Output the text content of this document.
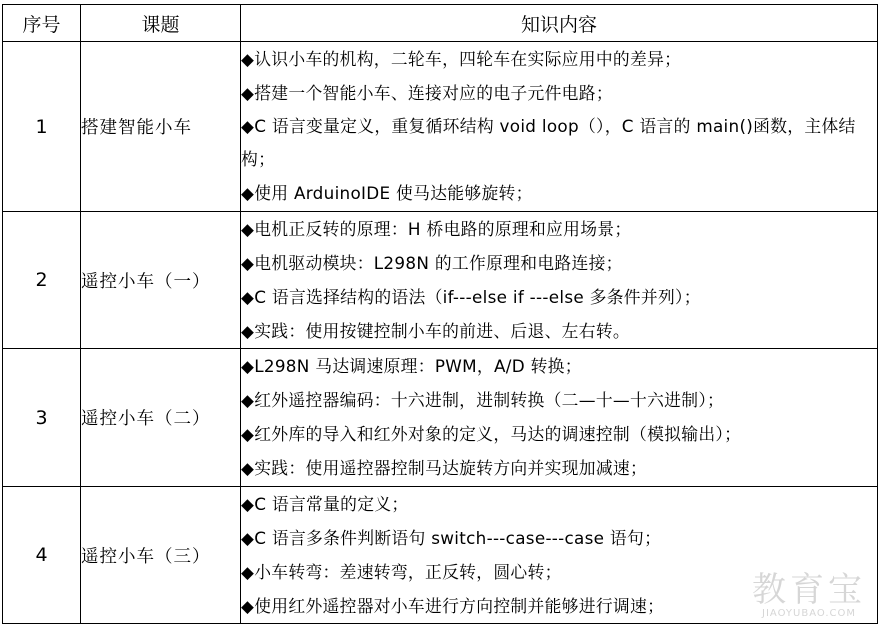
序号	课题	知识内容
1	搭建智能小车	◆认识小车的机构，二轮车，四轮车在实际应用中的差异；
◆搭建一个智能小车、连接对应的电子元件电路；
◆C 语言变量定义，重复循环结构 void loop（），C 语言的 main()函数，主体结构；
◆使用 ArduinoIDE 使马达能够旋转；

2	遥控小车（一）	◆电机正反转的原理：H 桥电路的原理和应用场景；
◆电机驱动模块：L298N 的工作原理和电路连接；
◆C 语言选择结构的语法（if---else if ---else 多条件并列）；
◆实践：使用按键控制小车的前进、后退、左右转。

3	遥控小车（二）	◆L298N 马达调速原理：PWM，A/D 转换；
◆红外遥控器编码：十六进制，进制转换（二—十—十六进制）；
◆红外库的导入和红外对象的定义，马达的调速控制（模拟输出）；
◆实践：使用遥控器控制马达旋转方向并实现加减速；

4	遥控小车（三）	◆C 语言常量的定义；
◆C 语言多条件判断语句 switch---case---case 语句；
◆小车转弯：差速转弯，正反转，圆心转；
◆使用红外遥控器对小车进行方向控制并能够进行调速；	教育宝
JIAOYUBAO.COM
